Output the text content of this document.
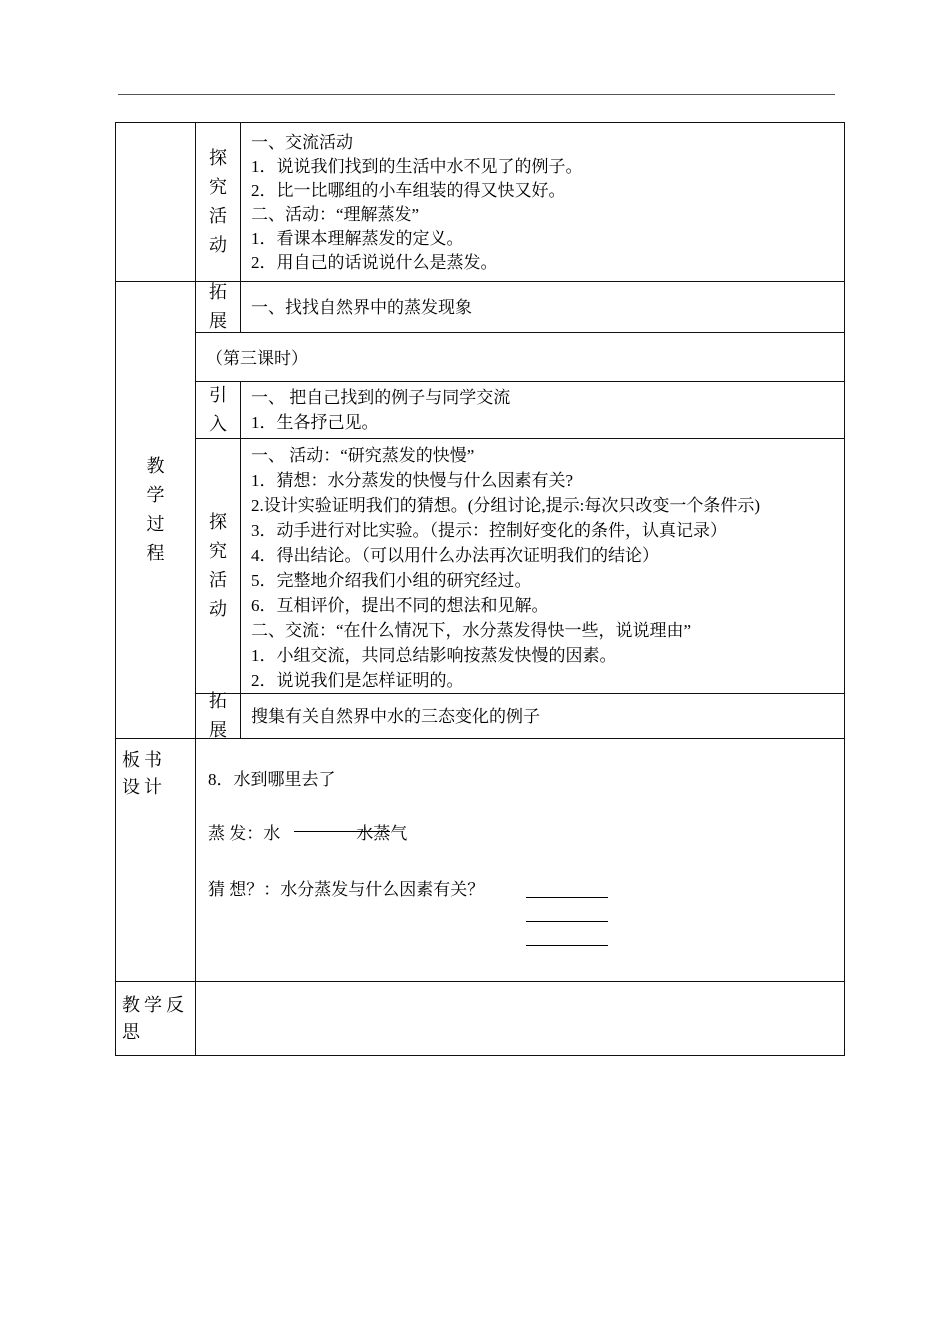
探究活动
一、交流活动
1．说说我们找到的生活中水不见了的例子。
2．比一比哪组的小车组装的得又快又好。
二、活动：“理解蒸发”
1．看课本理解蒸发的定义。
2．用自己的话说说什么是蒸发。
教学过程
拓展
一、找找自然界中的蒸发现象
（第三课时）
引入
一、 把自己找到的例子与同学交流
1．生各抒己见。
探究活动
一、 活动：“研究蒸发的快慢”
1．猜想：水分蒸发的快慢与什么因素有关?
2.设计实验证明我们的猜想。(分组讨论,提示:每次只改变一个条件示)
3．动手进行对比实验。（提示：控制好变化的条件，认真记录）
4．得出结论。（可以用什么办法再次证明我们的结论）
5．完整地介绍我们小组的研究经过。
6．互相评价，提出不同的想法和见解。
二、交流：“在什么情况下，水分蒸发得快一些，说说理由”
1．小组交流，共同总结影响按蒸发快慢的因素。
2．说说我们是怎样证明的。
拓展
搜集有关自然界中水的三态变化的例子
板书设计 8．水到哪里去了
蒸 发：水	水蒸气
猜 想？：水分蒸发与什么因素有关？
教学反思
